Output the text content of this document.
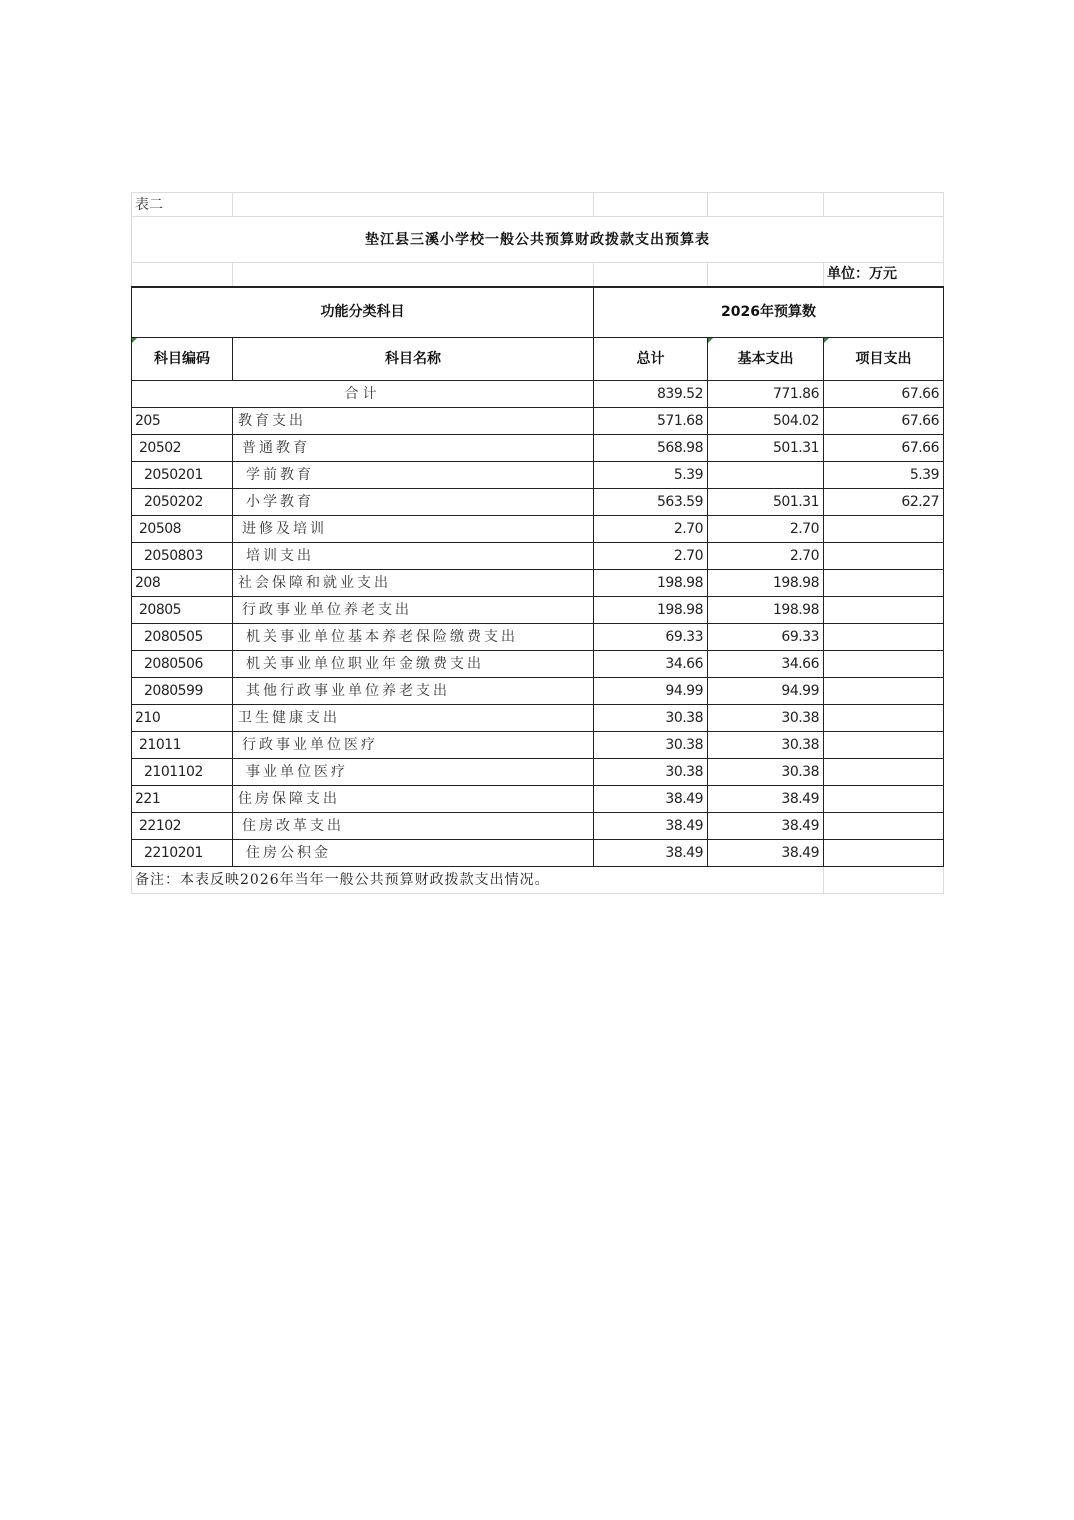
表二				
垫江县三溪小学校一般公共预算财政拨款支出预算表				
				单位：万元
功能分类科目		2026年预算数		
科目编码	科目名称	总计	基本支出	项目支出
合计		839.52	771.86	67.66
205	教育支出	571.68	504.02	67.66
20502	普通教育	568.98	501.31	67.66
2050201	学前教育	5.39		5.39
2050202	小学教育	563.59	501.31	62.27
20508	进修及培训	2.70	2.70	
2050803	培训支出	2.70	2.70	
208	社会保障和就业支出	198.98	198.98	
20805	行政事业单位养老支出	198.98	198.98	
2080505	机关事业单位基本养老保险缴费支出	69.33	69.33	
2080506	机关事业单位职业年金缴费支出	34.66	34.66	
2080599	其他行政事业单位养老支出	94.99	94.99	
210	卫生健康支出	30.38	30.38	
21011	行政事业单位医疗	30.38	30.38	
2101102	事业单位医疗	30.38	30.38	
221	住房保障支出	38.49	38.49	
22102	住房改革支出	38.49	38.49	
2210201	住房公积金	38.49	38.49	
备注：本表反映2026年当年一般公共预算财政拨款支出情况。				
